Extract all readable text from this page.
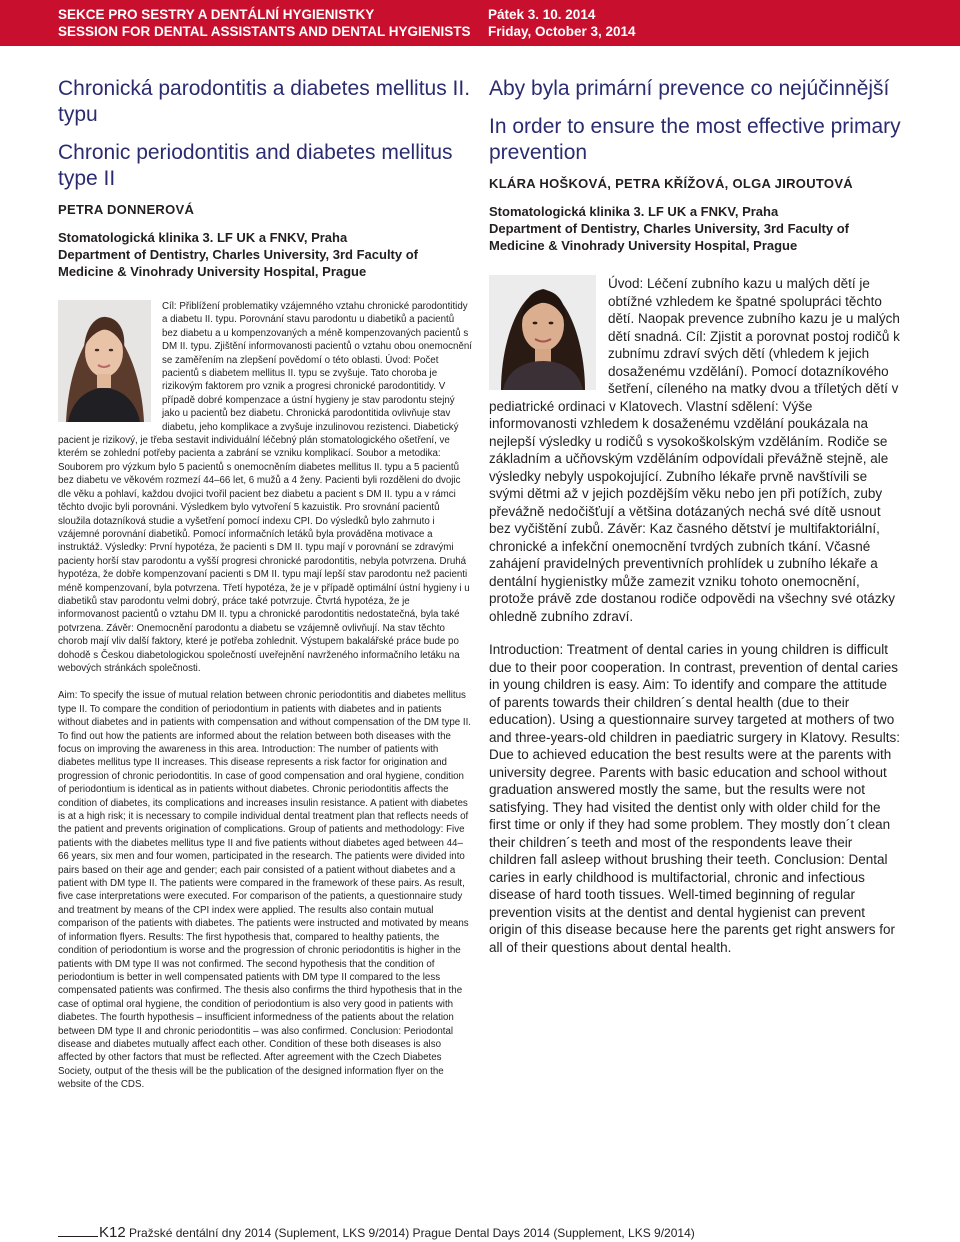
SEKCE PRO SESTRY A DENTÁLNÍ HYGIENISTKY
SESSION FOR DENTAL ASSISTANTS AND DENTAL HYGIENISTS
Pátek 3. 10. 2014
Friday, October 3, 2014
Chronická parodontitis a diabetes mellitus II. typu
Chronic periodontitis and diabetes mellitus type II
PETRA DONNEROVÁ
Stomatologická klinika 3. LF UK a FNKV, Praha
Department of Dentistry, Charles University, 3rd Faculty of Medicine & Vinohrady University Hospital, Prague

Cíl: Přiblížení problematiky vzájemného vztahu chronické parodontitidy a diabetu II. typu. Porovnání stavu parodontu u diabetiků a pacientů bez diabetu a u kompenzovaných a méně kompenzovaných pacientů s DM II. typu. Zjištění informovanosti pacientů o vztahu obou onemocnění se zaměřením na zlepšení povědomí o této oblasti. Úvod: Počet pacientů s diabetem mellitus II. typu se zvyšuje. Tato choroba je rizikovým faktorem pro vznik a progresi chronické parodontitidy. V případě dobré kompenzace a ústní hygieny je stav parodontu stejný jako u pacientů bez diabetu. Chronická parodontitida ovlivňuje stav diabetu, jeho komplikace a zvyšuje inzulinovou rezistenci. Diabetický pacient je rizikový, je třeba sestavit individuální léčebný plán stomatologického ošetření, ve kterém se zohlední potřeby pacienta a zabrání se vzniku komplikací. Soubor a metodika: Souborem pro výzkum bylo 5 pacientů s onemocněním diabetes mellitus II. typu a 5 pacientů bez diabetu ve věkovém rozmezí 44–66 let, 6 mužů a 4 ženy. Pacienti byli rozděleni do dvojic dle věku a pohlaví, každou dvojici tvořil pacient bez diabetu a pacient s DM II. typu a v rámci těchto dvojic byli porovnáni. Výsledkem bylo vytvoření 5 kazuistik. Pro srovnání pacientů sloužila dotazníková studie a vyšetření pomocí indexu CPI. Do výsledků bylo zahrnuto i vzájemné porovnání diabetiků. Pomocí informačních letáků byla prováděna motivace a instruktáž. Výsledky: První hypotéza, že pacienti s DM II. typu mají v porovnání se zdravými pacienty horší stav parodontu a vyšší progresi chronické parodontitis, nebyla potvrzena. Druhá hypotéza, že dobře kompenzovaní pacienti s DM II. typu mají lepší stav parodontu než pacienti méně kompenzovaní, byla potvrzena. Třetí hypotéza, že je v případě optimální ústní hygieny i u diabetiků stav parodontu velmi dobrý, práce také potvrzuje. Čtvrtá hypotéza, že je informovanost pacientů o vztahu DM II. typu a chronické parodontitis nedostatečná, byla také potvrzena. Závěr: Onemocnění parodontu a diabetu se vzájemně ovlivňují. Na stav těchto chorob mají vliv další faktory, které je potřeba zohlednit. Výstupem bakalářské práce bude po dohodě s Českou diabetologickou společností uveřejnění navrženého informačního letáku na webových stránkách společnosti.

Aim: To specify the issue of mutual relation between chronic periodontitis and diabetes mellitus type II. To compare the condition of periodontium in patients with diabetes and in patients without diabetes and in patients with compensation and without compensation of the DM type II. To find out how the patients are informed about the relation between both diseases with the focus on improving the awareness in this area. Introduction: The number of patients with diabetes mellitus type II increases. This disease represents a risk factor for origination and progression of chronic periodontitis. In case of good compensation and oral hygiene, condition of periodontium is identical as in patients without diabetes. Chronic periodontitis affects the condition of diabetes, its complications and increases insulin resistance. A patient with diabetes is at a high risk; it is necessary to compile individual dental treatment plan that reflects needs of the patient and prevents origination of complications. Group of patients and methodology: Five patients with the diabetes mellitus type II and five patients without diabetes aged between 44–66 years, six men and four women, participated in the research. The patients were divided into pairs based on their age and gender; each pair consisted of a patient without diabetes and a patient with DM type II. The patients were compared in the framework of these pairs. As result, five case interpretations were executed. For comparison of the patients, a questionnaire study and treatment by means of the CPI index were applied. The results also contain mutual comparison of the patients with diabetes. The patients were instructed and motivated by means of information flyers. Results: The first hypothesis that, compared to healthy patients, the condition of periodontium is worse and the progression of chronic periodontitis is higher in the patients with DM type II was not confirmed. The second hypothesis that the condition of periodontium is better in well compensated patients with DM type II compared to the less compensated patients was confirmed. The thesis also confirms the third hypothesis that in the case of optimal oral hygiene, the condition of periodontium is also very good in patients with diabetes. The fourth hypothesis – insufficient informedness of the patients about the relation between DM type II and chronic periodontitis – was also confirmed. Conclusion: Periodontal disease and diabetes mutually affect each other. Condition of these both diseases is also affected by other factors that must be reflected. After agreement with the Czech Diabetes Society, output of the thesis will be the publication of the designed information flyer on the website of the CDS.

Aby byla primární prevence co nejúčinnější
In order to ensure the most effective primary prevention
KLÁRA HOŠKOVÁ, PETRA KŘÍŽOVÁ, OLGA JIROUTOVÁ
Stomatologická klinika 3. LF UK a FNKV, Praha
Department of Dentistry, Charles University, 3rd Faculty of Medicine & Vinohrady University Hospital, Prague

Úvod: Léčení zubního kazu u malých dětí je obtížné vzhledem ke špatné spolupráci těchto dětí. Naopak prevence zubního kazu je u malých dětí snadná. Cíl: Zjistit a porovnat postoj rodičů k zubnímu zdraví svých dětí (vhledem k jejich dosaženému vzdělání). Pomocí dotazníkového šetření, cíleného na matky dvou a tříletých dětí v pediatrické ordinaci v Klatovech. Vlastní sdělení: Výše informovanosti vzhledem k dosaženému vzdělání poukázala na nejlepší výsledky u rodičů s vysokoškolským vzděláním. Rodiče se základním a učňovským vzděláním odpovídali převážně stejně, ale výsledky nebyly uspokojující. Zubního lékaře prvně navštívili se svými dětmi až v jejich pozdějším věku nebo jen při potížích, zuby převážně nedočišťují a většina dotázaných nechá své dítě usnout bez vyčištění zubů. Závěr: Kaz časného dětství je multifaktoriální, chronické a infekční onemocnění tvrdých zubních tkání. Včasné zahájení pravidelných preventivních prohlídek u zubního lékaře a dentální hygienistky může zamezit vzniku tohoto onemocnění, protože právě zde dostanou rodiče odpovědi na všechny své otázky ohledně zubního zdraví.

Introduction: Treatment of dental caries in young children is difficult due to their poor cooperation. In contrast, prevention of dental caries in young children is easy. Aim: To identify and compare the attitude of parents towards their children´s dental health (due to their education). Using a questionnaire survey targeted at mothers of two and three-years-old children in paediatric surgery in Klatovy. Results: Due to achieved education the best results were at the parents with university degree. Parents with basic education and school without graduation answered mostly the same, but the results were not satisfying. They had visited the dentist only with older child for the first time or only if they had some problem. They mostly don´t clean their children´s teeth and most of the respondents leave their children fall asleep without brushing their teeth. Conclusion: Dental caries in early childhood is multifactorial, chronic and infectious disease of hard tooth tissues. Well-timed beginning of regular prevention visits at the dentist and dental hygienist can prevent origin of this disease because here the parents get right answers for all of their questions about dental health.

K12 Pražské dentální dny 2014 (Suplement, LKS 9/2014) Prague Dental Days 2014 (Supplement, LKS 9/2014)
